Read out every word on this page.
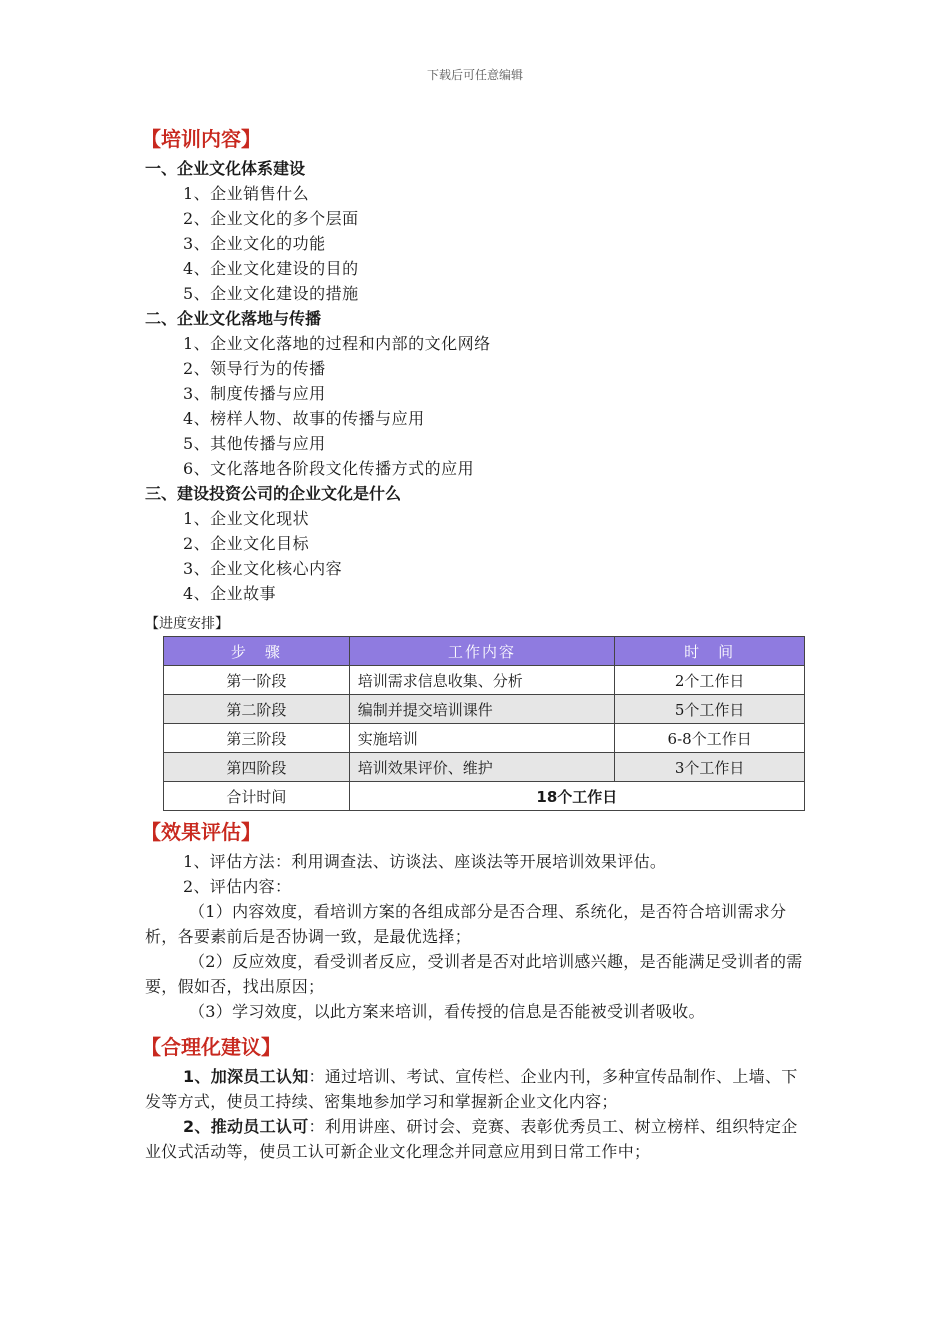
下载后可任意编辑
【培训内容】
一、企业文化体系建设
1、企业销售什么
2、企业文化的多个层面
3、企业文化的功能
4、企业文化建设的目的
5、企业文化建设的措施
二、企业文化落地与传播
1、企业文化落地的过程和内部的文化网络
2、领导行为的传播
3、制度传播与应用
4、榜样人物、故事的传播与应用
5、其他传播与应用
6、文化落地各阶段文化传播方式的应用
三、建设投资公司的企业文化是什么
1、企业文化现状
2、企业文化目标
3、企业文化核心内容
4、企业故事
【进度安排】
步　骤	工作内容	时　间
第一阶段	培训需求信息收集、分析	2个工作日
第二阶段	编制并提交培训课件	5个工作日
第三阶段	实施培训	6-8个工作日
第四阶段	培训效果评价、维护	3个工作日
合计时间	18个工作日	
【效果评估】
1、评估方法：利用调查法、访谈法、座谈法等开展培训效果评估。
2、评估内容：
（1）内容效度，看培训方案的各组成部分是否合理、系统化，是否符合培训需求分析，各要素前后是否协调一致，是最优选择；
（2）反应效度，看受训者反应，受训者是否对此培训感兴趣，是否能满足受训者的需要，假如否，找出原因；
（3）学习效度，以此方案来培训，看传授的信息是否能被受训者吸收。
【合理化建议】
1、加深员工认知：通过培训、考试、宣传栏、企业内刊，多种宣传品制作、上墙、下发等方式，使员工持续、密集地参加学习和掌握新企业文化内容；
2、推动员工认可：利用讲座、研讨会、竞赛、表彰优秀员工、树立榜样、组织特定企业仪式活动等，使员工认可新企业文化理念并同意应用到日常工作中；
